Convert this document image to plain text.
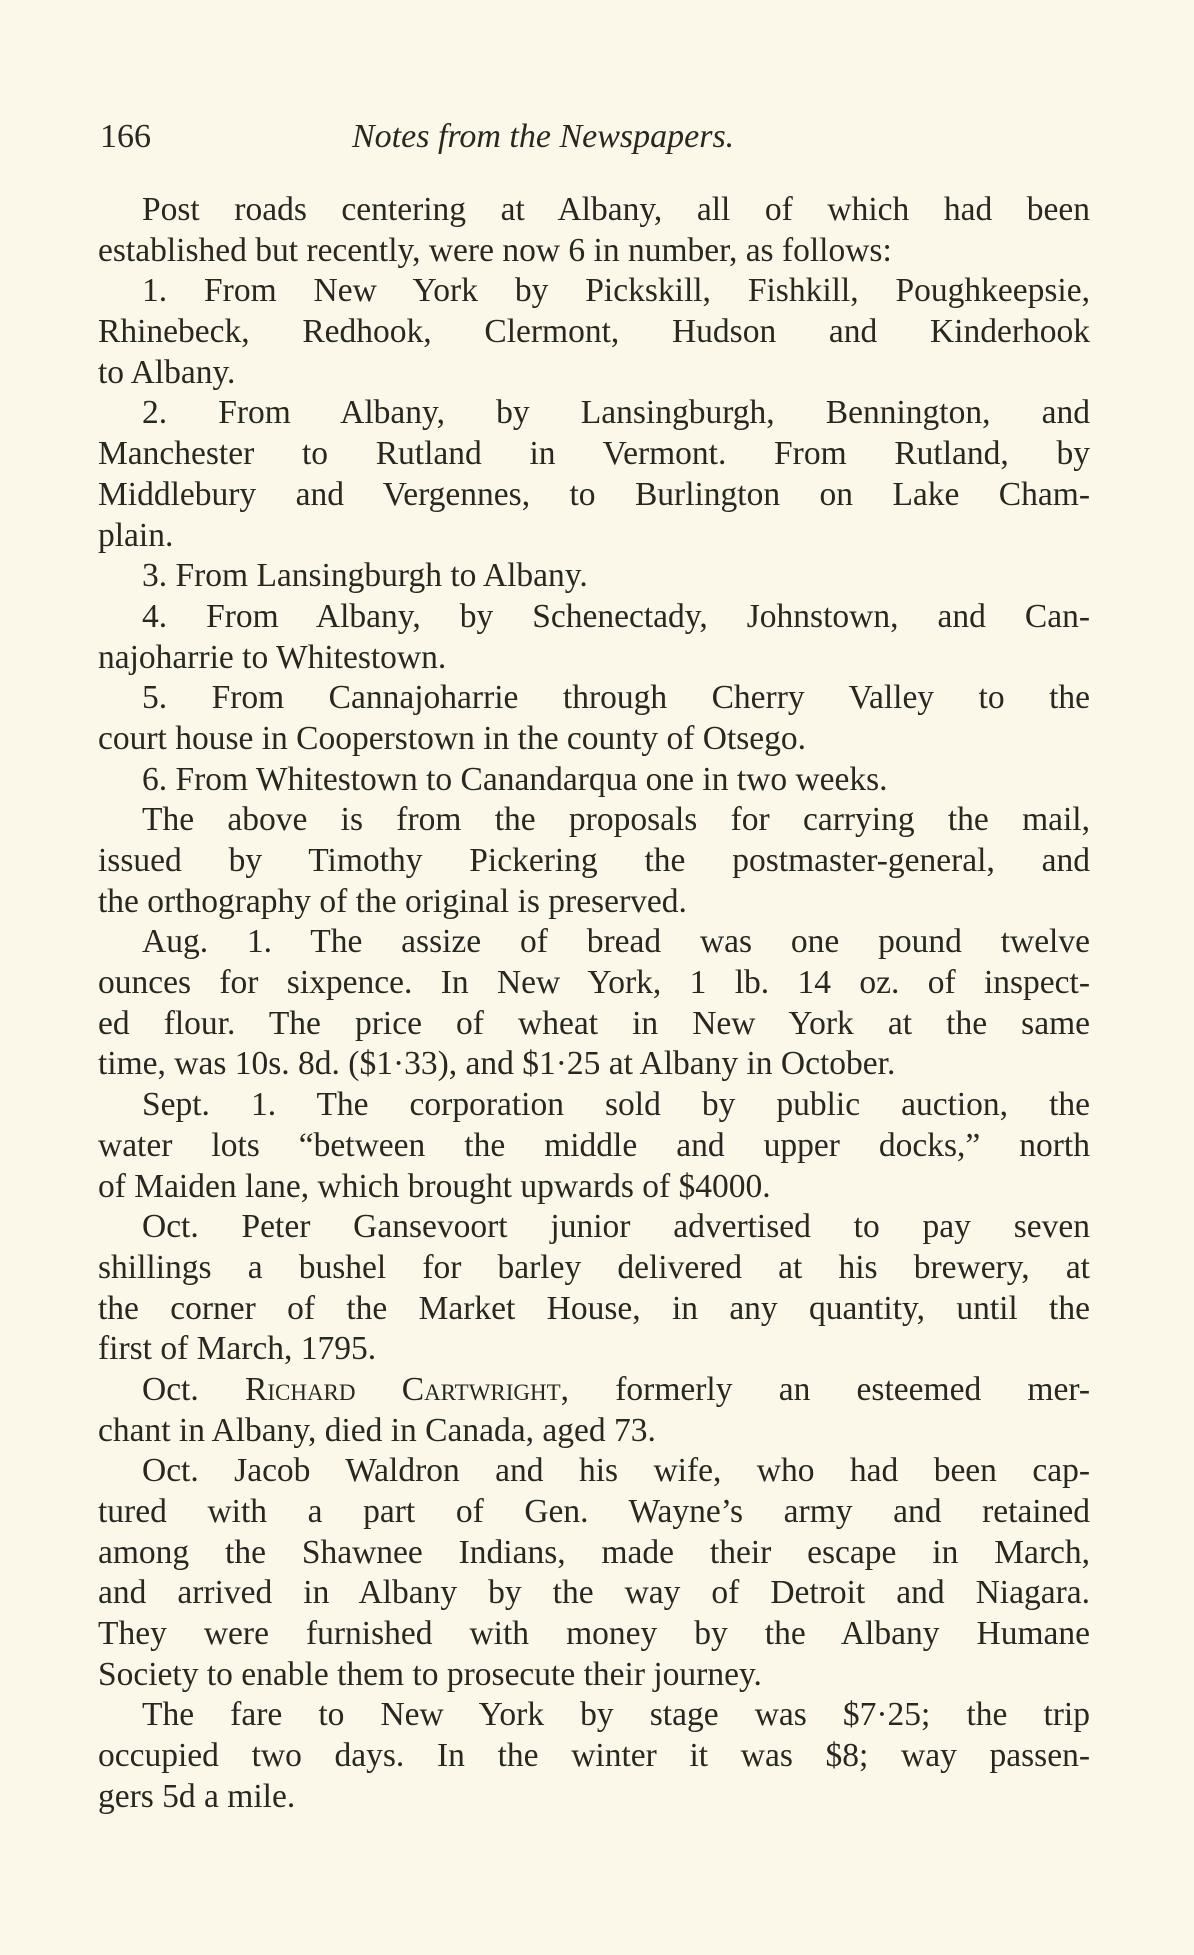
166	Notes from the Newspapers.
Post roads centering at Albany, all of which had been
established but recently, were now 6 in number, as follows:
1. From New York by Pickskill, Fishkill, Poughkeepsie,
Rhinebeck, Redhook, Clermont, Hudson and Kinderhook
to Albany.
2. From Albany, by Lansingburgh, Bennington, and
Manchester to Rutland in Vermont. From Rutland, by
Middlebury and Vergennes, to Burlington on Lake Cham-
plain.
3. From Lansingburgh to Albany.
4. From Albany, by Schenectady, Johnstown, and Can-
najoharrie to Whitestown.
5. From Cannajoharrie through Cherry Valley to the
court house in Cooperstown in the county of Otsego.
6. From Whitestown to Canandarqua one in two weeks.
The above is from the proposals for carrying the mail,
issued by Timothy Pickering the postmaster-general, and
the orthography of the original is preserved.
Aug. 1. The assize of bread was one pound twelve
ounces for sixpence. In New York, 1 lb. 14 oz. of inspect-
ed flour. The price of wheat in New York at the same
time, was 10s. 8d. ($1·33), and $1·25 at Albany in October.
Sept. 1. The corporation sold by public auction, the
water lots “between the middle and upper docks,” north
of Maiden lane, which brought upwards of $4000.
Oct. Peter Gansevoort junior advertised to pay seven
shillings a bushel for barley delivered at his brewery, at
the corner of the Market House, in any quantity, until the
first of March, 1795.
Oct. Richard Cartwright, formerly an esteemed mer-
chant in Albany, died in Canada, aged 73.
Oct. Jacob Waldron and his wife, who had been cap-
tured with a part of Gen. Wayne’s army and retained
among the Shawnee Indians, made their escape in March,
and arrived in Albany by the way of Detroit and Niagara.
They were furnished with money by the Albany Humane
Society to enable them to prosecute their journey.
The fare to New York by stage was $7·25; the trip
occupied two days. In the winter it was $8; way passen-
gers 5d a mile.
